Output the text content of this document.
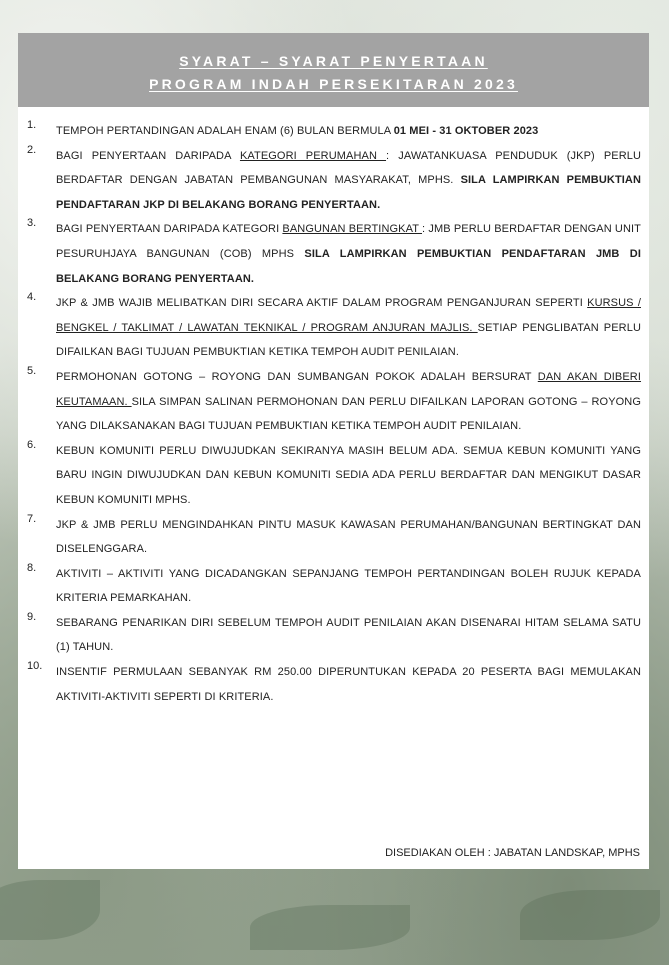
SYARAT – SYARAT PENYERTAAN
PROGRAM INDAH PERSEKITARAN 2023
1. TEMPOH PERTANDINGAN ADALAH ENAM (6) BULAN BERMULA 01 MEI - 31 OKTOBER 2023
2. BAGI PENYERTAAN DARIPADA KATEGORI PERUMAHAN : JAWATANKUASA PENDUDUK (JKP) PERLU BERDAFTAR DENGAN JABATAN PEMBANGUNAN MASYARAKAT, MPHS. SILA LAMPIRKAN PEMBUKTIAN PENDAFTARAN JKP DI BELAKANG BORANG PENYERTAAN.
3. BAGI PENYERTAAN DARIPADA KATEGORI BANGUNAN BERTINGKAT : JMB PERLU BERDAFTAR DENGAN UNIT PESURUHJAYA BANGUNAN (COB) MPHS SILA LAMPIRKAN PEMBUKTIAN PENDAFTARAN JMB DI BELAKANG BORANG PENYERTAAN.
4. JKP & JMB WAJIB MELIBATKAN DIRI SECARA AKTIF DALAM PROGRAM PENGANJURAN SEPERTI KURSUS / BENGKEL / TAKLIMAT / LAWATAN TEKNIKAL / PROGRAM ANJURAN MAJLIS. SETIAP PENGLIBATAN PERLU DIFAILKAN BAGI TUJUAN PEMBUKTIAN KETIKA TEMPOH AUDIT PENILAIAN.
5. PERMOHONAN GOTONG – ROYONG DAN SUMBANGAN POKOK ADALAH BERSURAT DAN AKAN DIBERI KEUTAMAAN. SILA SIMPAN SALINAN PERMOHONAN DAN PERLU DIFAILKAN LAPORAN GOTONG – ROYONG YANG DILAKSANAKAN BAGI TUJUAN PEMBUKTIAN KETIKA TEMPOH AUDIT PENILAIAN.
6. KEBUN KOMUNITI PERLU DIWUJUDKAN SEKIRANYA MASIH BELUM ADA. SEMUA KEBUN KOMUNITI YANG BARU INGIN DIWUJUDKAN DAN KEBUN KOMUNITI SEDIA ADA PERLU BERDAFTAR DAN MENGIKUT DASAR KEBUN KOMUNITI MPHS.
7. JKP & JMB PERLU MENGINDAHKAN PINTU MASUK KAWASAN PERUMAHAN/BANGUNAN BERTINGKAT DAN DISELENGGARA.
8. AKTIVITI – AKTIVITI YANG DICADANGKAN SEPANJANG TEMPOH PERTANDINGAN BOLEH RUJUK KEPADA KRITERIA PEMARKAHAN.
9. SEBARANG PENARIKAN DIRI SEBELUM TEMPOH AUDIT PENILAIAN AKAN DISENARAI HITAM SELAMA SATU (1) TAHUN.
10. INSENTIF PERMULAAN SEBANYAK RM 250.00 DIPERUNTUKAN KEPADA 20 PESERTA BAGI MEMULAKAN AKTIVITI-AKTIVITI SEPERTI DI KRITERIA.
DISEDIAKAN OLEH : JABATAN LANDSKAP, MPHS
